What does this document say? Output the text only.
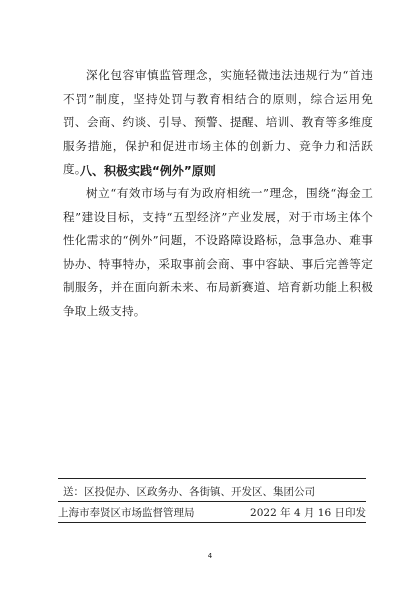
深化包容审慎监管理念，实施轻微违法违规行为“首违不罚”制度，坚持处罚与教育相结合的原则，综合运用免罚、会商、约谈、引导、预警、提醒、培训、教育等多维度服务措施，保护和促进市场主体的创新力、竞争力和活跃度。

八、积极实践“例外”原则

树立“有效市场与有为政府相统一”理念，围绕“海金工程”建设目标，支持“五型经济”产业发展，对于市场主体个性化需求的“例外”问题，不设路障设路标，急事急办、难事协办、特事特办，采取事前会商、事中容缺、事后完善等定制服务，并在面向新未来、布局新赛道、培育新功能上积极争取上级支持。

送：区投促办、区政务办、各街镇、开发区、集团公司
上海市奉贤区市场监督管理局	2022 年 4 月 16 日印发
4
